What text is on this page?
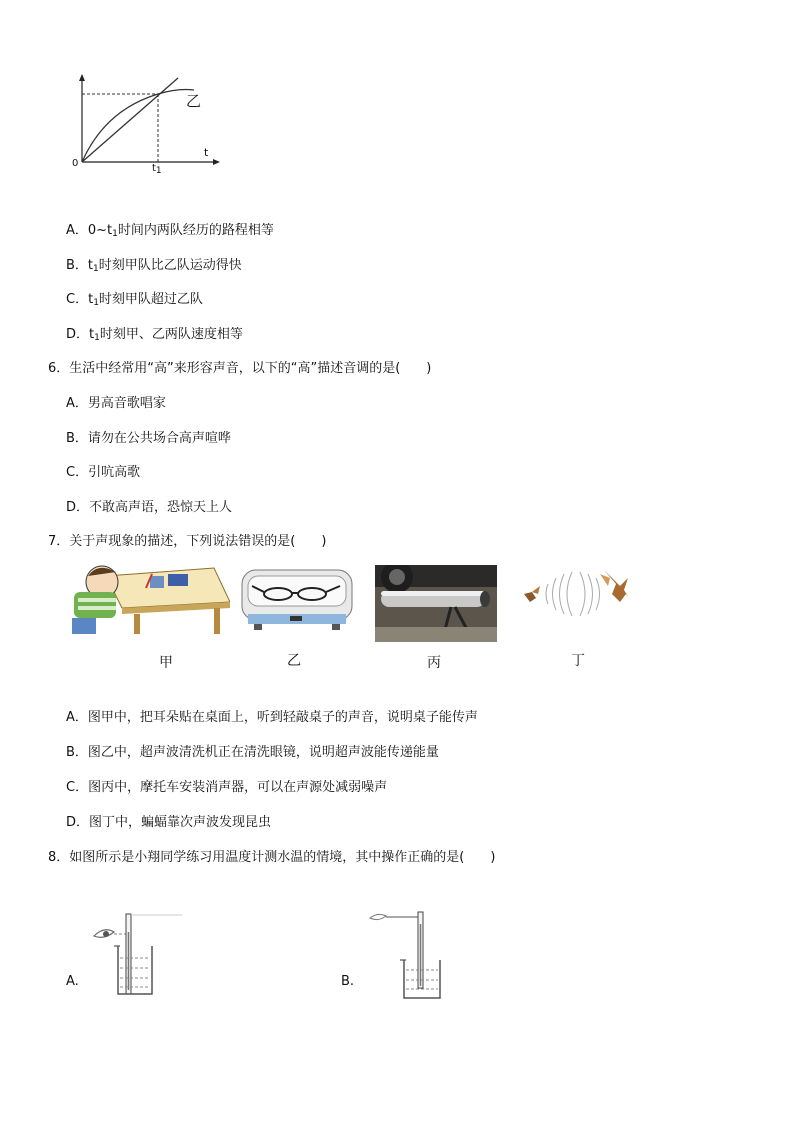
0
t
$t_1$
乙
A．$0\sim t_1$时间内两队经历的路程相等
B．$t_1$时刻甲队比乙队运动得快
C．$t_1$时刻甲队超过乙队
D．$t_1$时刻甲、乙两队速度相等
6．生活中经常用“高”来形容声音，以下的“高”描述音调的是(　　)
A．男高音歌唱家
B．请勿在公共场合高声喧哗
C．引吭高歌
D．不敢高声语，恐惊天上人
7．关于声现象的描述，下列说法错误的是(　　)
甲	乙	丙	丁
A．图甲中，把耳朵贴在桌面上，听到轻敲桌子的声音，说明桌子能传声
B．图乙中，超声波清洗机正在清洗眼镜，说明超声波能传递能量
C．图丙中，摩托车安装消声器，可以在声源处减弱噪声
D．图丁中，蝙蝠靠次声波发现昆虫
8．如图所示是小翔同学练习用温度计测水温的情境，其中操作正确的是(　　)
A.	B.
